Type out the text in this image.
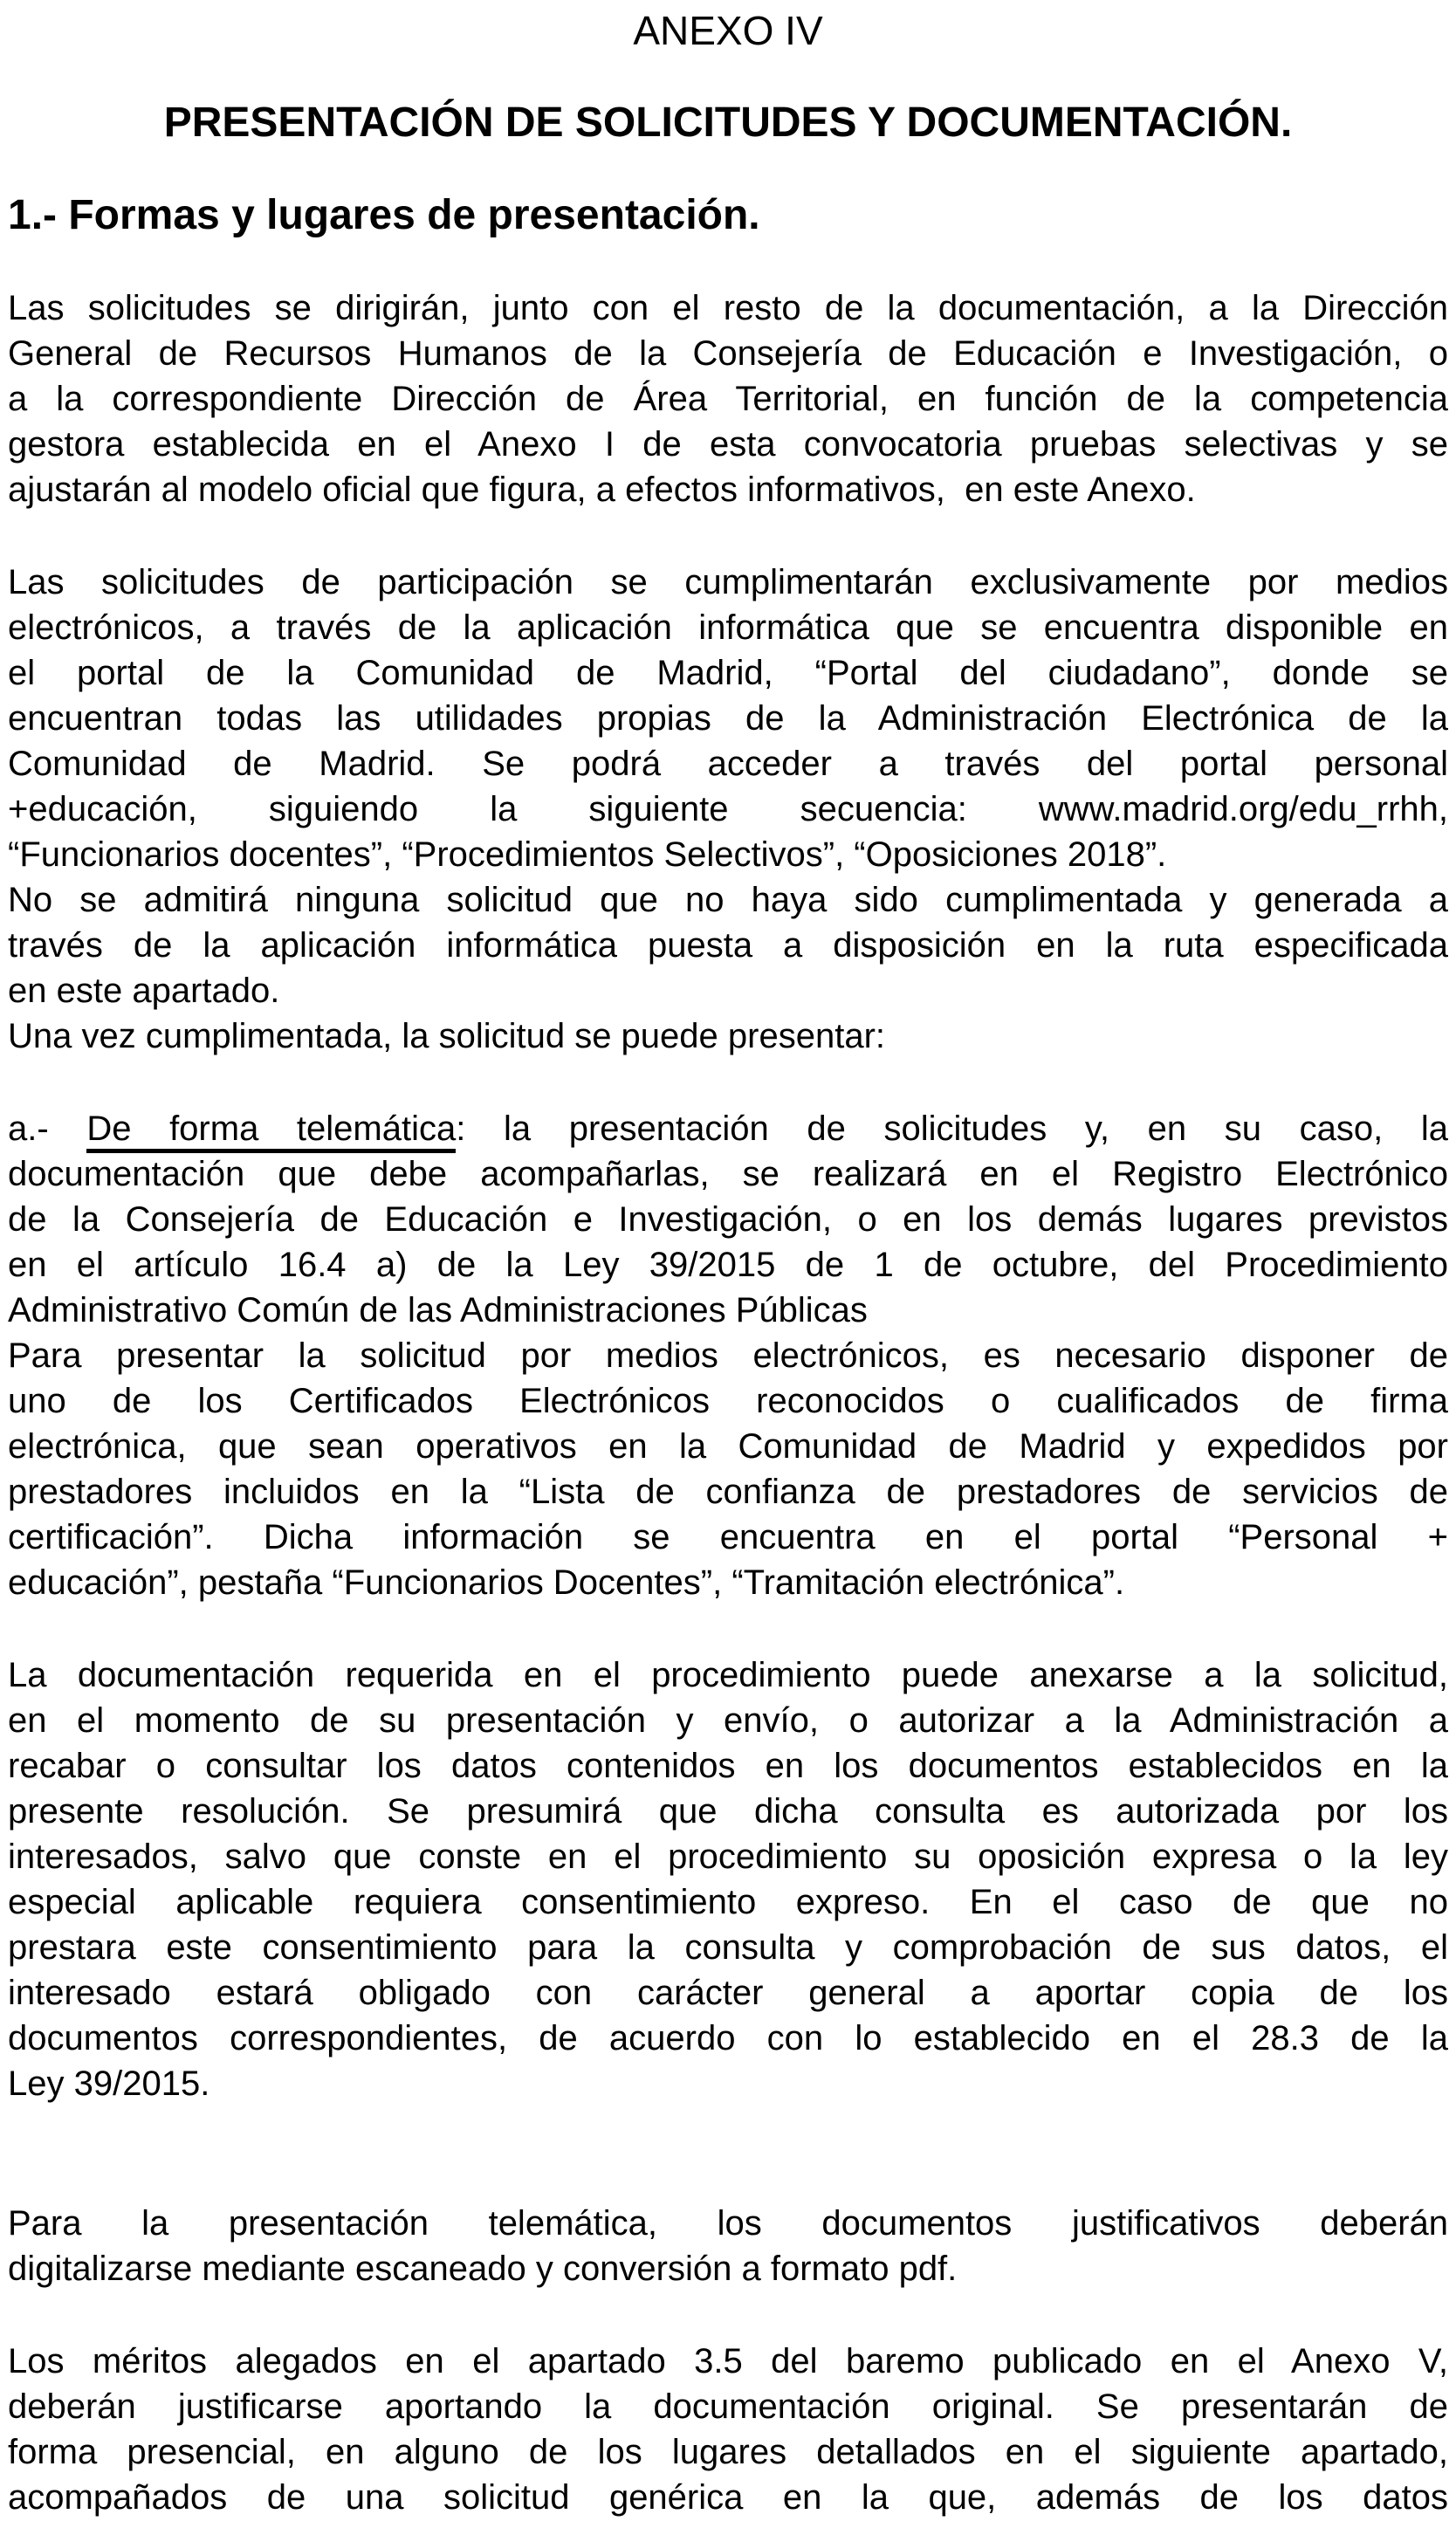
ANEXO IV
PRESENTACIÓN DE SOLICITUDES Y DOCUMENTACIÓN.
1.- Formas y lugares de presentación.
Las solicitudes se dirigirán, junto con el resto de la documentación, a la Dirección
General de Recursos Humanos de la Consejería de Educación e Investigación, o
a la correspondiente Dirección de Área Territorial, en función de la competencia
gestora establecida en el Anexo I de esta convocatoria pruebas selectivas y se
ajustarán al modelo oficial que figura, a efectos informativos,  en este Anexo.
Las solicitudes de participación se cumplimentarán exclusivamente por medios
electrónicos, a través de la aplicación informática que se encuentra disponible en
el portal de la Comunidad de Madrid, “Portal del ciudadano”, donde se
encuentran todas las utilidades propias de la Administración Electrónica de la
Comunidad de Madrid. Se podrá acceder a través del portal personal
+educación, siguiendo la siguiente secuencia: www.madrid.org/edu_rrhh,
“Funcionarios docentes”, “Procedimientos Selectivos”, “Oposiciones 2018”.
No se admitirá ninguna solicitud que no haya sido cumplimentada y generada a
través de la aplicación informática puesta a disposición en la ruta especificada
en este apartado.
Una vez cumplimentada, la solicitud se puede presentar:
a.- De forma telemática: la presentación de solicitudes y, en su caso, la
documentación que debe acompañarlas, se realizará en el Registro Electrónico
de la Consejería de Educación e Investigación, o en los demás lugares previstos
en el artículo 16.4 a) de la Ley 39/2015 de 1 de octubre, del Procedimiento
Administrativo Común de las Administraciones Públicas
Para presentar la solicitud por medios electrónicos, es necesario disponer de
uno de los Certificados Electrónicos reconocidos o cualificados de firma
electrónica, que sean operativos en la Comunidad de Madrid y expedidos por
prestadores incluidos en la “Lista de confianza de prestadores de servicios de
certificación”. Dicha información se encuentra en el portal “Personal +
educación”, pestaña “Funcionarios Docentes”, “Tramitación electrónica”.
La documentación requerida en el procedimiento puede anexarse a la solicitud,
en el momento de su presentación y envío, o autorizar a la Administración a
recabar o consultar los datos contenidos en los documentos establecidos en la
presente resolución. Se presumirá que dicha consulta es autorizada por los
interesados, salvo que conste en el procedimiento su oposición expresa o la ley
especial aplicable requiera consentimiento expreso. En el caso de que no
prestara este consentimiento para la consulta y comprobación de sus datos, el
interesado estará obligado con carácter general a aportar copia de los
documentos correspondientes, de acuerdo con lo establecido en el 28.3 de la
Ley 39/2015.
Para la presentación telemática, los documentos justificativos deberán
digitalizarse mediante escaneado y conversión a formato pdf.
Los méritos alegados en el apartado 3.5 del baremo publicado en el Anexo V,
deberán justificarse aportando la documentación original. Se presentarán de
forma presencial, en alguno de los lugares detallados en el siguiente apartado,
acompañados de una solicitud genérica en la que, además de los datos
